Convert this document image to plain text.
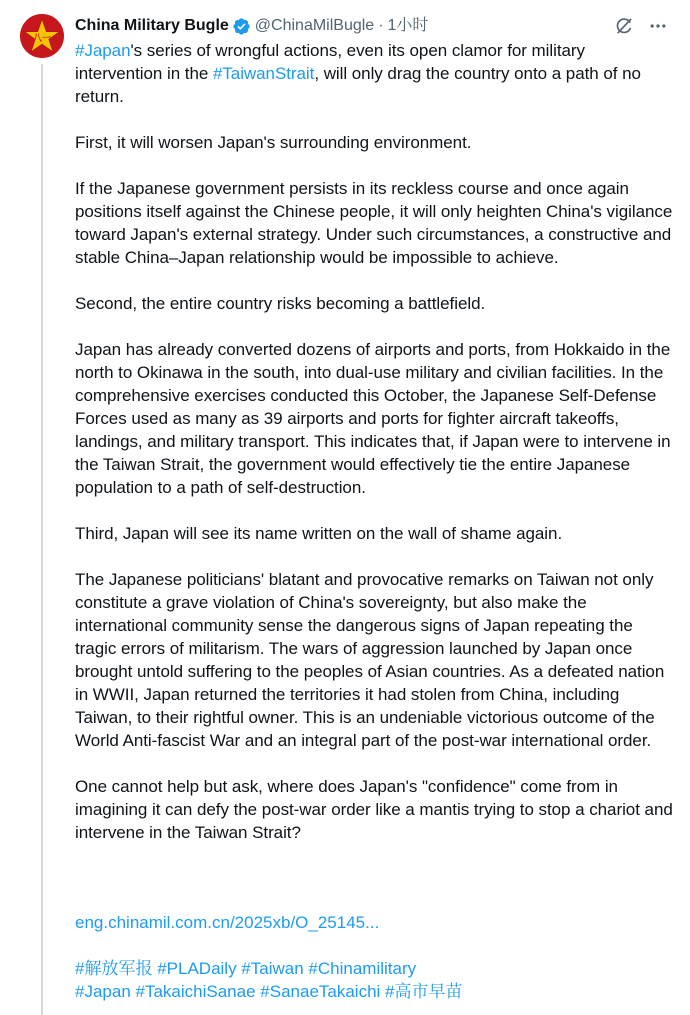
八一
China Military Bugle @ChinaMilBugle · 1小时

#Japan's series of wrongful actions, even its open clamor for military intervention in the #TaiwanStrait, will only drag the country onto a path of no return.

First, it will worsen Japan's surrounding environment.

If the Japanese government persists in its reckless course and once again positions itself against the Chinese people, it will only heighten China's vigilance toward Japan's external strategy. Under such circumstances, a constructive and stable China–Japan relationship would be impossible to achieve.

Second, the entire country risks becoming a battlefield.

Japan has already converted dozens of airports and ports, from Hokkaido in the north to Okinawa in the south, into dual-use military and civilian facilities. In the comprehensive exercises conducted this October, the Japanese Self-Defense Forces used as many as 39 airports and ports for fighter aircraft takeoffs, landings, and military transport. This indicates that, if Japan were to intervene in the Taiwan Strait, the government would effectively tie the entire Japanese population to a path of self-destruction.

Third, Japan will see its name written on the wall of shame again.

The Japanese politicians' blatant and provocative remarks on Taiwan not only constitute a grave violation of China's sovereignty, but also make the international community sense the dangerous signs of Japan repeating the tragic errors of militarism. The wars of aggression launched by Japan once brought untold suffering to the peoples of Asian countries. As a defeated nation in WWII, Japan returned the territories it had stolen from China, including Taiwan, to their rightful owner. This is an undeniable victorious outcome of the World Anti-fascist War and an integral part of the post-war international order.

One cannot help but ask, where does Japan's "confidence" come from in imagining it can defy the post-war order like a mantis trying to stop a chariot and intervene in the Taiwan Strait?

eng.chinamil.com.cn/2025xb/O_25145...
#解放军报 #PLADaily #Taiwan #Chinamilitary
#Japan #TakaichiSanae #SanaeTakaichi #高市早苗
